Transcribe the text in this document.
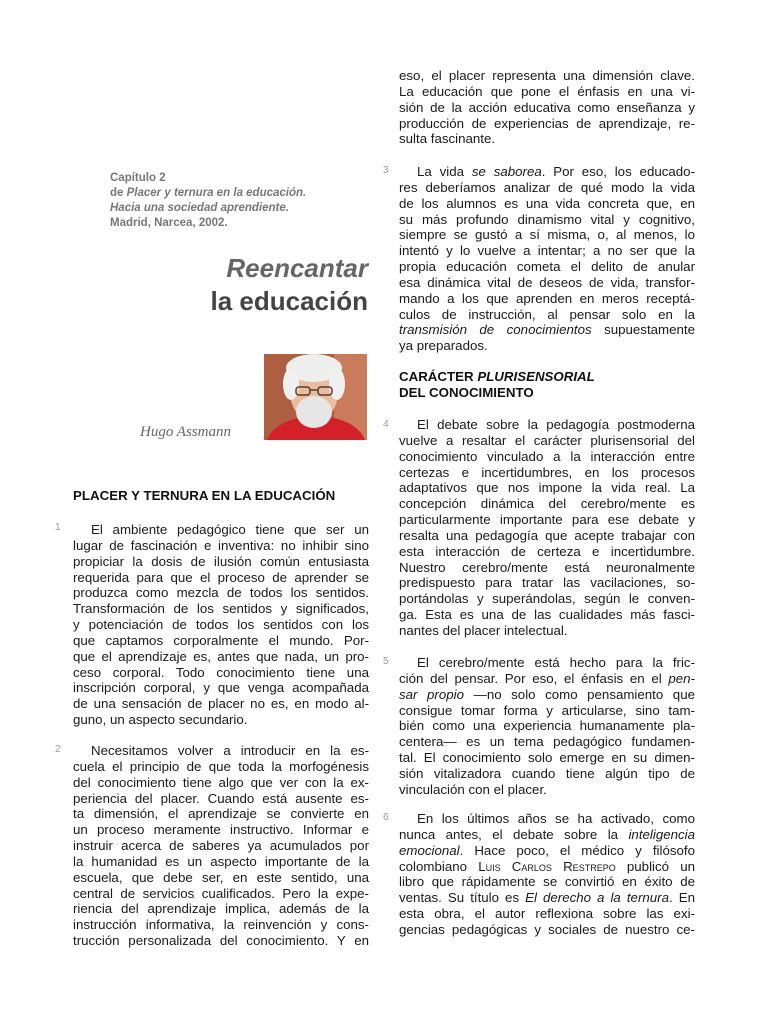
Capítulo 2
de Placer y ternura en la educación.
Hacia una sociedad aprendiente.
Madrid, Narcea, 2002.
Reencantar
la educación
Hugo Assmann
PLACER Y TERNURA EN LA EDUCACIÓN
1	El ambiente pedagógico tiene que ser un
lugar de fascinación e inventiva: no inhibir sino
propiciar la dosis de ilusión común entusiasta
requerida para que el proceso de aprender se
produzca como mezcla de todos los sentidos.
Transformación de los sentidos y significados,
y potenciación de todos los sentidos con los
que captamos corporalmente el mundo. Por-
que el aprendizaje es, antes que nada, un pro-
ceso corporal. Todo conocimiento tiene una
inscripción corporal, y que venga acompañada
de una sensación de placer no es, en modo al-
guno, un aspecto secundario.
2	Necesitamos volver a introducir en la es-
cuela el principio de que toda la morfogénesis
del conocimiento tiene algo que ver con la ex-
periencia del placer. Cuando está ausente es-
ta dimensión, el aprendizaje se convierte en
un proceso meramente instructivo. Informar e
instruir acerca de saberes ya acumulados por
la humanidad es un aspecto importante de la
escuela, que debe ser, en este sentido, una
central de servicios cualificados. Pero la expe-
riencia del aprendizaje implica, además de la
instrucción informativa, la reinvención y cons-
trucción personalizada del conocimiento. Y en
eso, el placer representa una dimensión clave.
La educación que pone el énfasis en una vi-
sión de la acción educativa como enseñanza y
producción de experiencias de aprendizaje, re-
sulta fascinante.
3	La vida se saborea. Por eso, los educado-
res deberíamos analizar de qué modo la vida
de los alumnos es una vida concreta que, en
su más profundo dinamismo vital y cognitivo,
siempre se gustó a sí misma, o, al menos, lo
intentó y lo vuelve a intentar; a no ser que la
propia educación cometa el delito de anular
esa dinámica vital de deseos de vida, transfor-
mando a los que aprenden en meros receptá-
culos de instrucción, al pensar solo en la
transmisión de conocimientos supuestamente
ya preparados.
CARÁCTER PLURISENSORIAL
DEL CONOCIMIENTO
4	El debate sobre la pedagogía postmoderna
vuelve a resaltar el carácter plurisensorial del
conocimiento vinculado a la interacción entre
certezas e incertidumbres, en los procesos
adaptativos que nos impone la vida real. La
concepción dinámica del cerebro/mente es
particularmente importante para ese debate y
resalta una pedagogía que acepte trabajar con
esta interacción de certeza e incertidumbre.
Nuestro cerebro/mente está neuronalmente
predispuesto para tratar las vacilaciones, so-
portándolas y superándolas, según le conven-
ga. Esta es una de las cualidades más fasci-
nantes del placer intelectual.
5	El cerebro/mente está hecho para la fric-
ción del pensar. Por eso, el énfasis en el pen-
sar propio —no solo como pensamiento que
consigue tomar forma y articularse, sino tam-
bién como una experiencia humanamente pla-
centera— es un tema pedagógico fundamen-
tal. El conocimiento solo emerge en su dimen-
sión vitalizadora cuando tiene algún tipo de
vinculación con el placer.
6	En los últimos años se ha activado, como
nunca antes, el debate sobre la inteligencia
emocional. Hace poco, el médico y filósofo
colombiano Luis Carlos Restrepo publicó un
libro que rápidamente se convirtió en éxito de
ventas. Su título es El derecho a la ternura. En
esta obra, el autor reflexiona sobre las exi-
gencias pedagógicas y sociales de nuestro ce-
